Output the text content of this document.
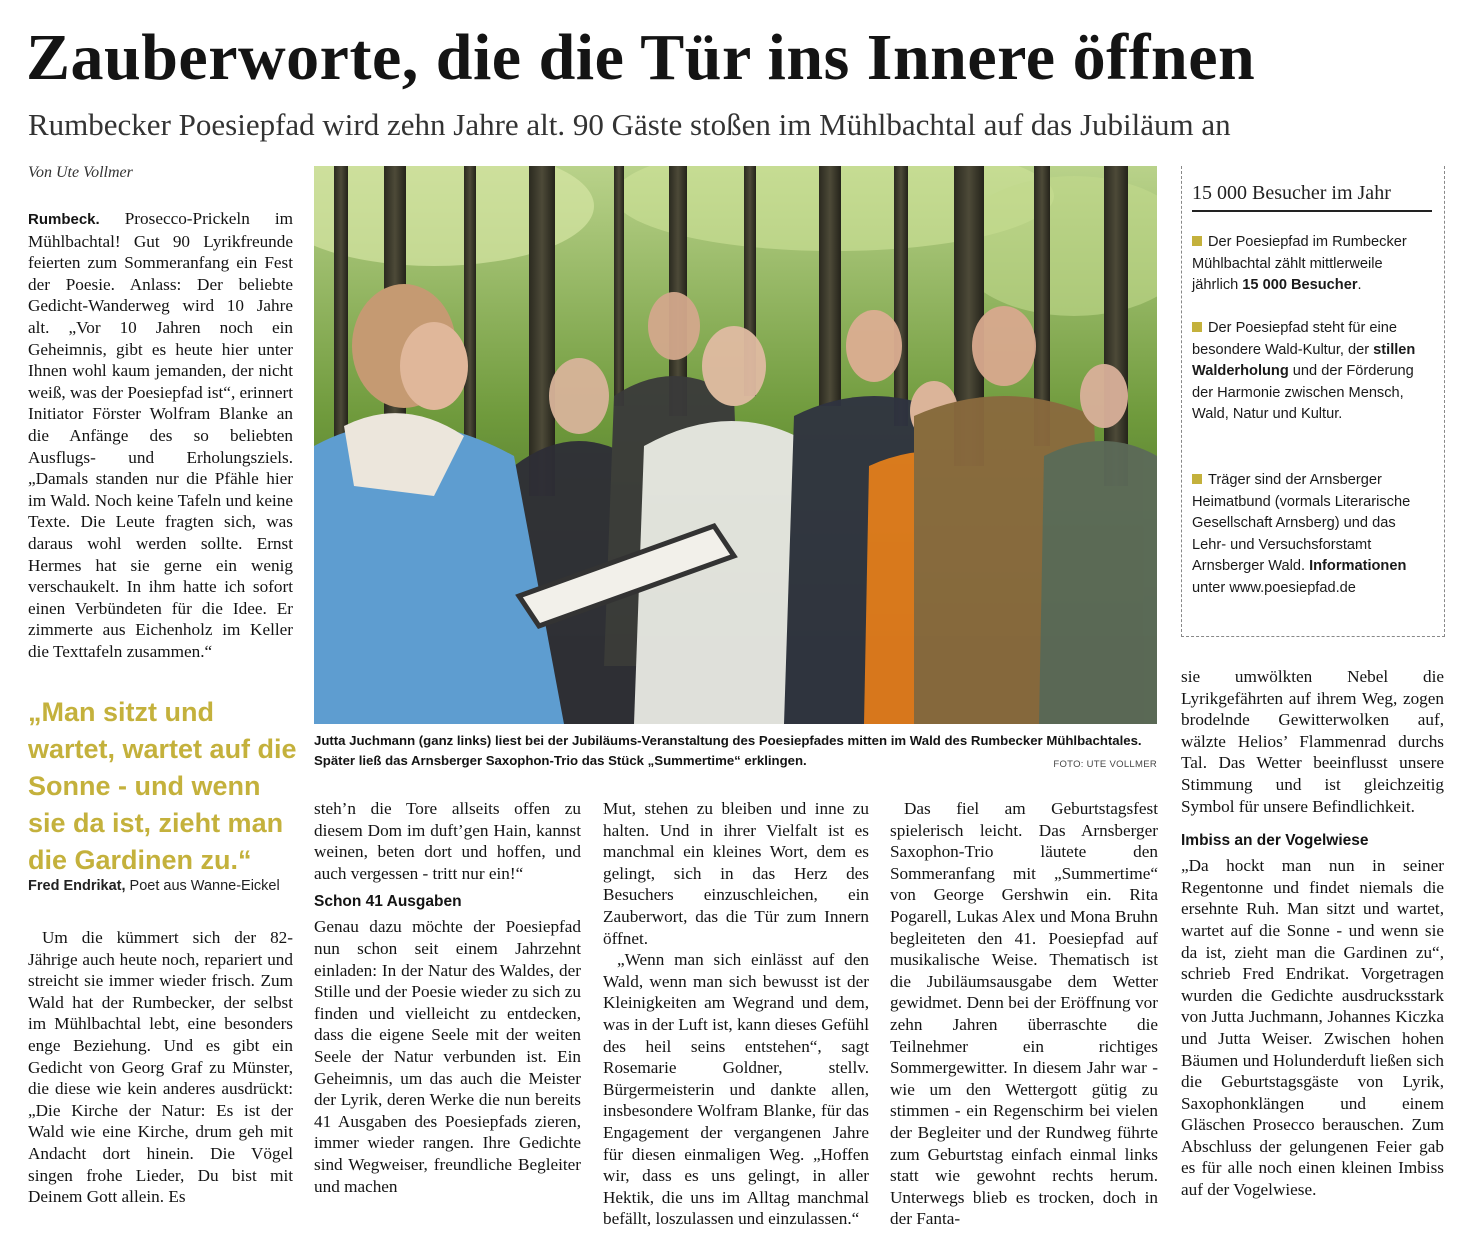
Zauberworte, die die Tür ins Innere öffnen
Rumbecker Poesiepfad wird zehn Jahre alt. 90 Gäste stoßen im Mühlbachtal auf das Jubiläum an
Von Ute Vollmer

Rumbeck. Prosecco-Prickeln im Mühlbachtal! Gut 90 Lyrikfreunde feierten zum Sommeranfang ein Fest der Poesie. Anlass: Der beliebte Gedicht-Wanderweg wird 10 Jahre alt. „Vor 10 Jahren noch ein Geheimnis, gibt es heute hier unter Ihnen wohl kaum jemanden, der nicht weiß, was der Poesiepfad ist“, erinnert Initiator Förster Wolfram Blanke an die Anfänge des so beliebten Ausflugs- und Erholungsziels. „Damals standen nur die Pfähle hier im Wald. Noch keine Tafeln und keine Texte. Die Leute fragten sich, was daraus wohl werden sollte. Ernst Hermes hat sie gerne ein wenig verschaukelt. In ihm hatte ich sofort einen Verbündeten für die Idee. Er zimmerte aus Eichenholz im Keller die Texttafeln zusammen.“

„Man sitzt und wartet, wartet auf die Sonne - und wenn sie da ist, zieht man die Gardinen zu.“
Fred Endrikat, Poet aus Wanne-Eickel

Um die kümmert sich der 82-Jährige auch heute noch, repariert und streicht sie immer wieder frisch. Zum Wald hat der Rumbecker, der selbst im Mühlbachtal lebt, eine besonders enge Beziehung. Und es gibt ein Gedicht von Georg Graf zu Münster, die diese wie kein anderes ausdrückt: „Die Kirche der Natur: Es ist der Wald wie eine Kirche, drum geh mit Andacht dort hinein. Die Vögel singen frohe Lieder, Du bist mit Deinem Gott allein. Es

Jutta Juchmann (ganz links) liest bei der Jubiläums-Veranstaltung des Poesiepfades mitten im Wald des Rumbecker Mühlbachtales. Später ließ das Arnsberger Saxophon-Trio das Stück „Summertime“ erklingen.	FOTO: UTE VOLLMER

steh’n die Tore allseits offen zu diesem Dom im duft’gen Hain, kannst weinen, beten dort und hoffen, und auch vergessen - tritt nur ein!“

Schon 41 Ausgaben

Genau dazu möchte der Poesiepfad nun schon seit einem Jahrzehnt einladen: In der Natur des Waldes, der Stille und der Poesie wieder zu sich zu finden und vielleicht zu entdecken, dass die eigene Seele mit der weiten Seele der Natur verbunden ist. Ein Geheimnis, um das auch die Meister der Lyrik, deren Werke die nun bereits 41 Ausgaben des Poesiepfads zieren, immer wieder rangen. Ihre Gedichte sind Wegweiser, freundliche Begleiter und machen

Mut, stehen zu bleiben und inne zu halten. Und in ihrer Vielfalt ist es manchmal ein kleines Wort, dem es gelingt, sich in das Herz des Besuchers einzuschleichen, ein Zauberwort, das die Tür zum Innern öffnet.

„Wenn man sich einlässt auf den Wald, wenn man sich bewusst ist der Kleinigkeiten am Wegrand und dem, was in der Luft ist, kann dieses Gefühl des heil seins entstehen“, sagt Rosemarie Goldner, stellv. Bürgermeisterin und dankte allen, insbesondere Wolfram Blanke, für das Engagement der vergangenen Jahre für diesen einmaligen Weg. „Hoffen wir, dass es uns gelingt, in aller Hektik, die uns im Alltag manchmal befällt, loszulassen und einzulassen.“

Das fiel am Geburtstagsfest spielerisch leicht. Das Arnsberger Saxophon-Trio läutete den Sommeranfang mit „Summertime“ von George Gershwin ein. Rita Pogarell, Lukas Alex und Mona Bruhn begleiteten den 41. Poesiepfad auf musikalische Weise. Thematisch ist die Jubiläumsausgabe dem Wetter gewidmet. Denn bei der Eröffnung vor zehn Jahren überraschte die Teilnehmer ein richtiges Sommergewitter. In diesem Jahr war - wie um den Wettergott gütig zu stimmen - ein Regenschirm bei vielen der Begleiter und der Rundweg führte zum Geburtstag einfach einmal links statt wie gewohnt rechts herum. Unterwegs blieb es trocken, doch in der Fanta-

15 000 Besucher im Jahr
Der Poesiepfad im Rumbecker Mühlbachtal zählt mittlerweile jährlich 15 000 Besucher.
Der Poesiepfad steht für eine besondere Wald-Kultur, der stillen Walderholung und der Förderung der Harmonie zwischen Mensch, Wald, Natur und Kultur.
Träger sind der Arnsberger Heimatbund (vormals Literarische Gesellschaft Arnsberg) und das Lehr- und Versuchsforstamt Arnsberger Wald. Informationen unter www.poesiepfad.de

sie umwölkten Nebel die Lyrikgefährten auf ihrem Weg, zogen brodelnde Gewitterwolken auf, wälzte Helios’ Flammenrad durchs Tal. Das Wetter beeinflusst unsere Stimmung und ist gleichzeitig Symbol für unsere Befindlichkeit.

Imbiss an der Vogelwiese

„Da hockt man nun in seiner Regentonne und findet niemals die ersehnte Ruh. Man sitzt und wartet, wartet auf die Sonne - und wenn sie da ist, zieht man die Gardinen zu“, schrieb Fred Endrikat. Vorgetragen wurden die Gedichte ausdrucksstark von Jutta Juchmann, Johannes Kiczka und Jutta Weiser. Zwischen hohen Bäumen und Holunderduft ließen sich die Geburtstagsgäste von Lyrik, Saxophonklängen und einem Gläschen Prosecco berauschen. Zum Abschluss der gelungenen Feier gab es für alle noch einen kleinen Imbiss auf der Vogelwiese.
